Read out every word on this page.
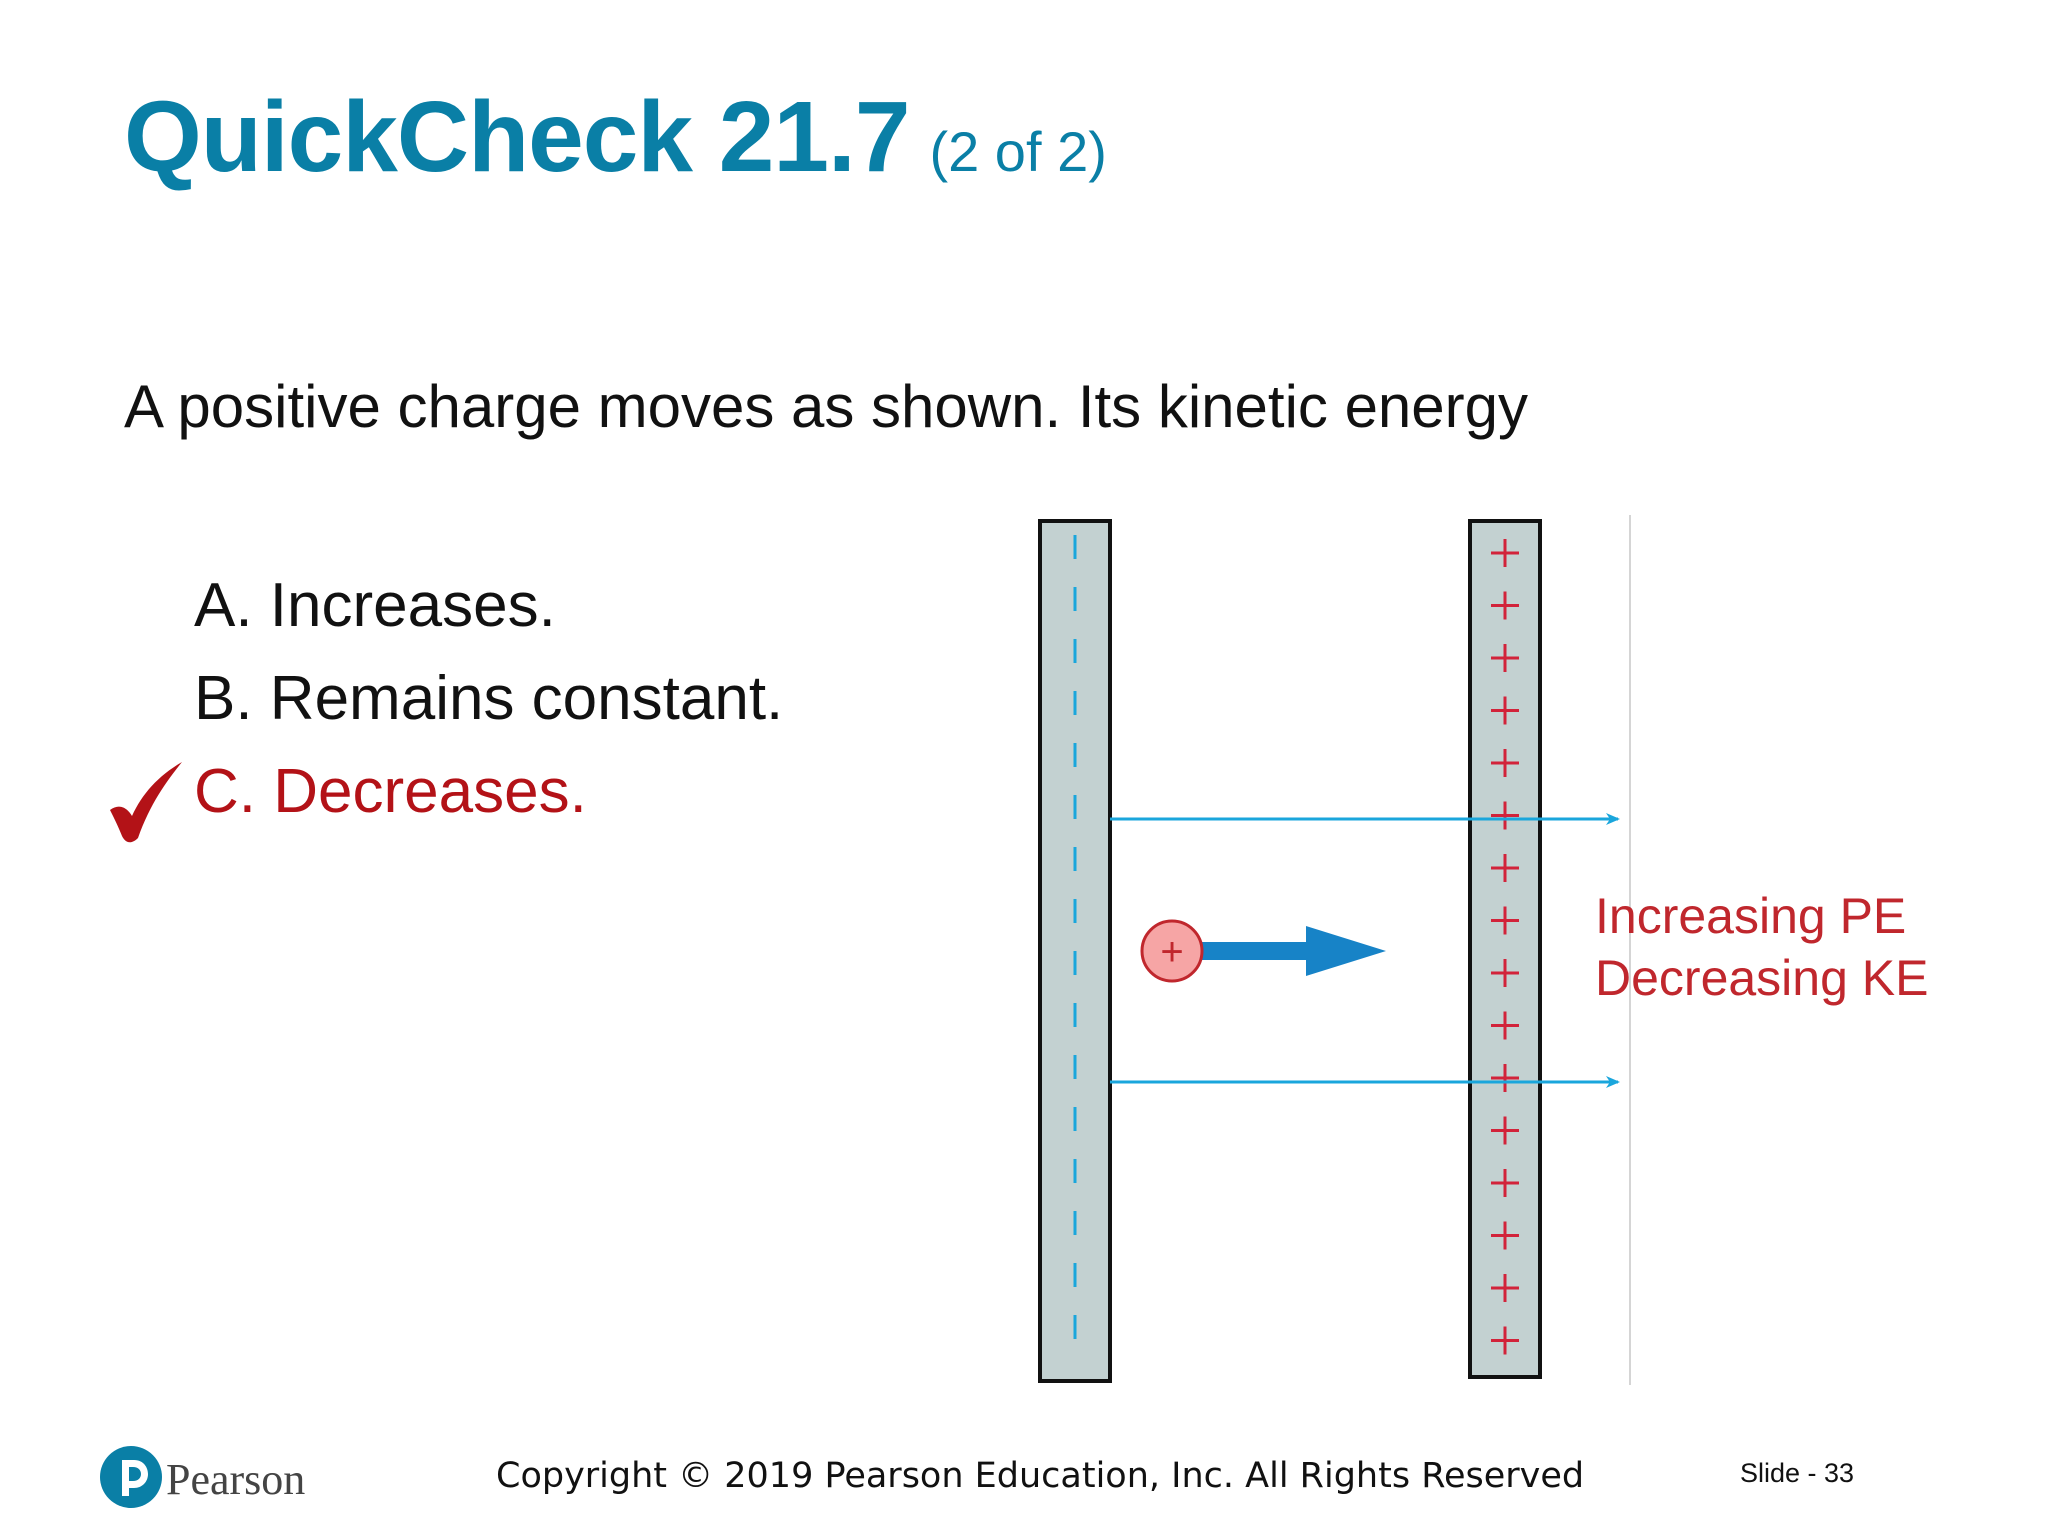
QuickCheck 21.7 (2 of 2)
A positive charge moves as shown. Its kinetic energy
A. Increases.
B. Remains constant.
C. Decreases.
+
Increasing PE
Decreasing KE
Pearson	Copyright © 2019 Pearson Education, Inc. All Rights Reserved	Slide - 33
